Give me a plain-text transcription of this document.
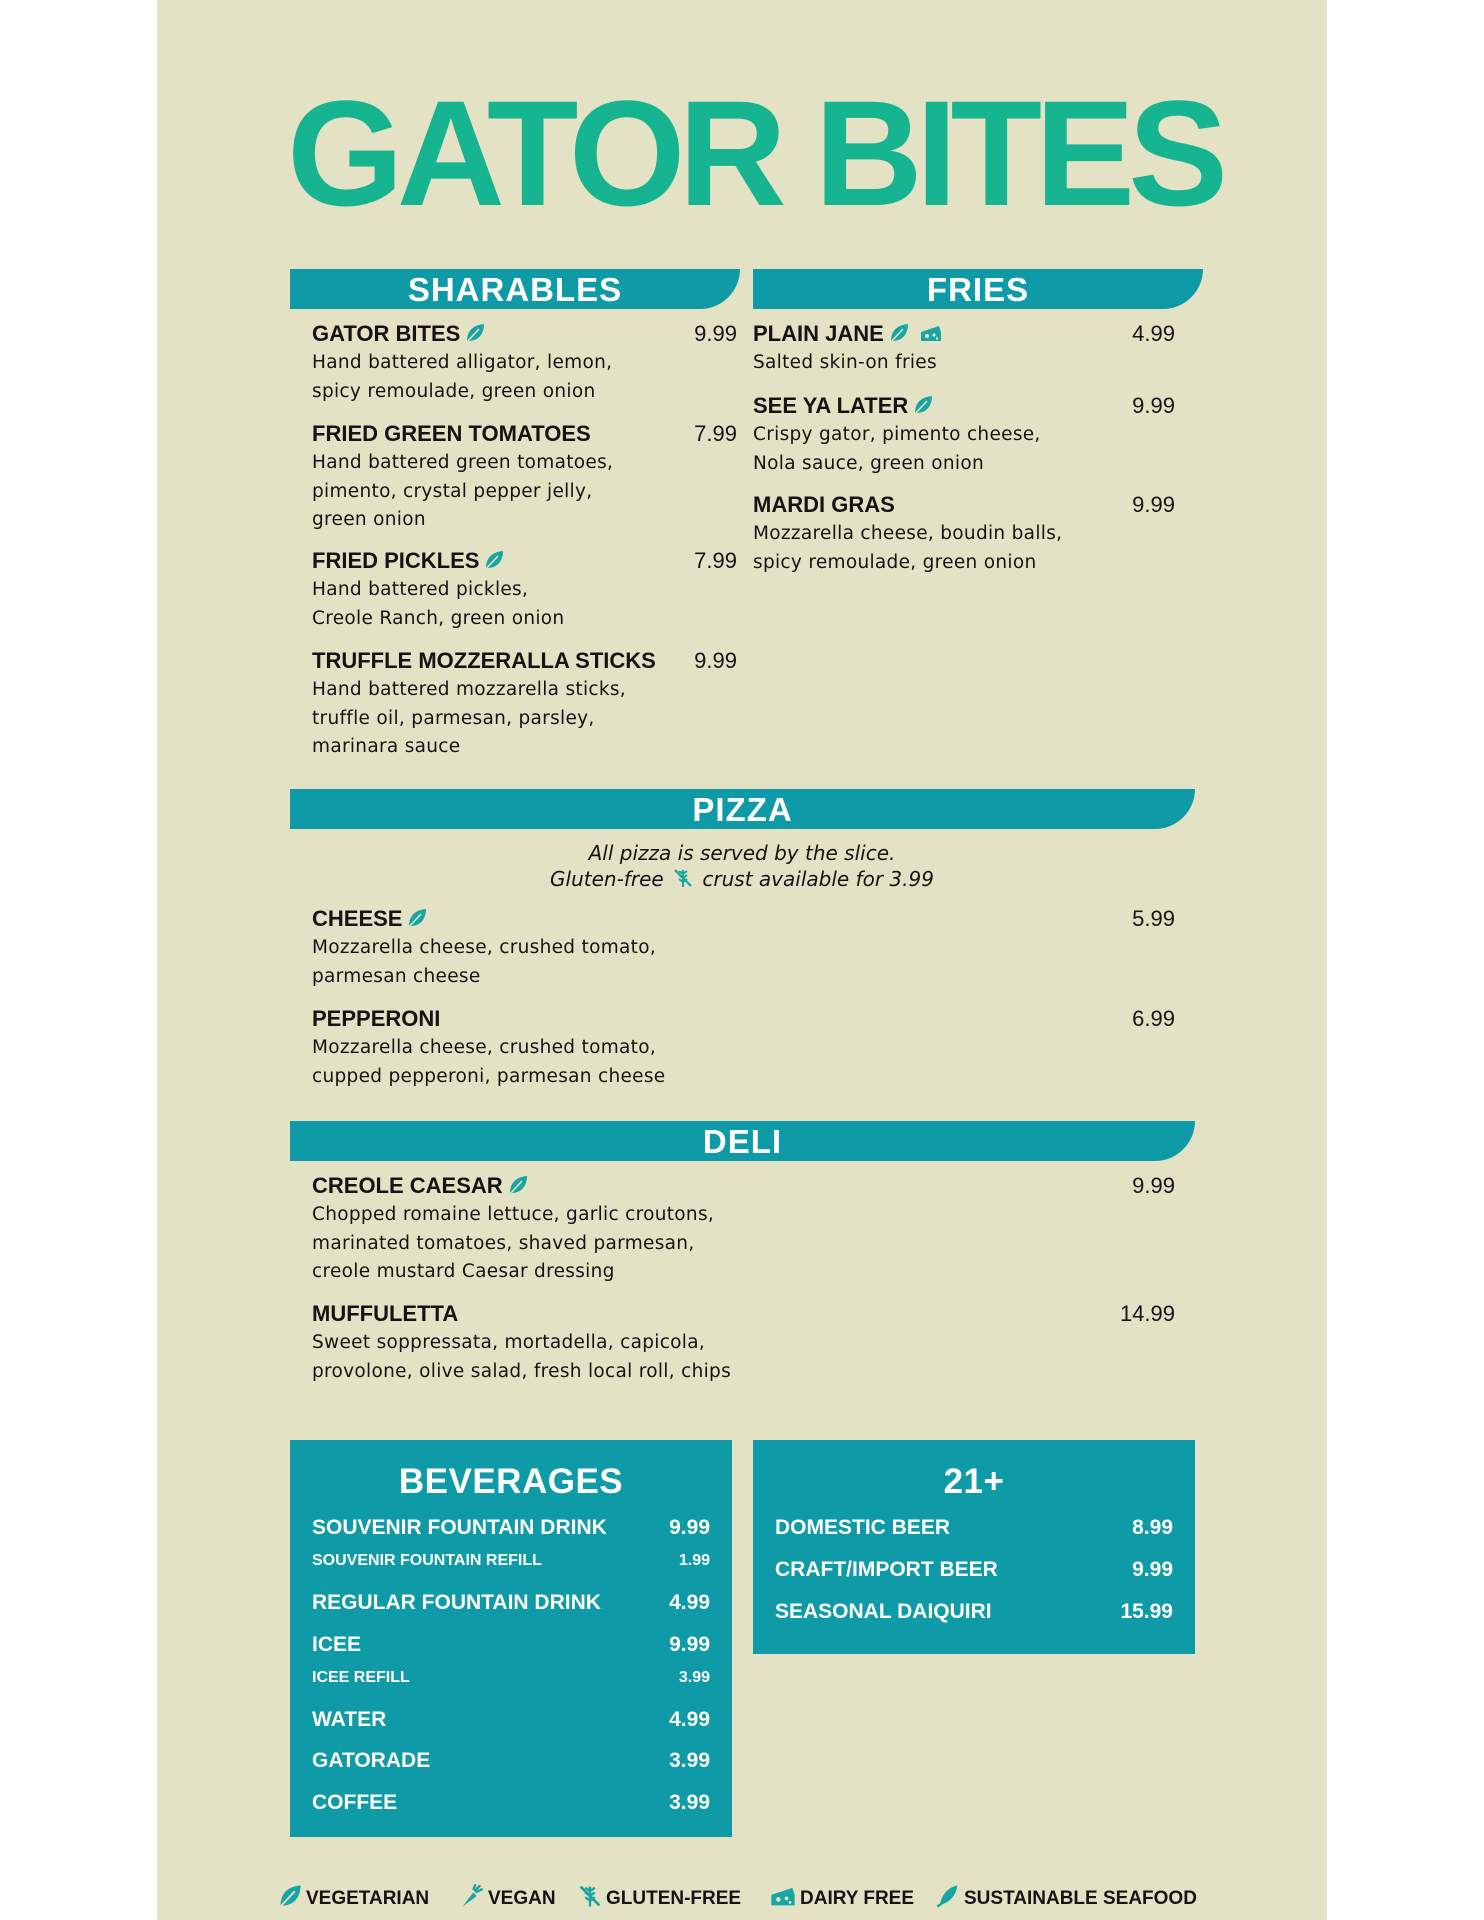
GATOR BITES
SHARABLES
GATOR BITES	9.99
Hand battered alligator, lemon,
spicy remoulade, green onion
FRIED GREEN TOMATOES	7.99
Hand battered green tomatoes,
pimento, crystal pepper jelly,
green onion
FRIED PICKLES	7.99
Hand battered pickles,
Creole Ranch, green onion
TRUFFLE MOZZERALLA STICKS	9.99
Hand battered mozzarella sticks,
truffle oil, parmesan, parsley,
marinara sauce
FRIES
PLAIN JANE	4.99
Salted skin-on fries
SEE YA LATER	9.99
Crispy gator, pimento cheese,
Nola sauce, green onion
MARDI GRAS	9.99
Mozzarella cheese, boudin balls,
spicy remoulade, green onion
PIZZA
All pizza is served by the slice.
Gluten-free crust available for 3.99
CHEESE	5.99
Mozzarella cheese, crushed tomato,
parmesan cheese
PEPPERONI	6.99
Mozzarella cheese, crushed tomato,
cupped pepperoni, parmesan cheese
DELI
CREOLE CAESAR	9.99
Chopped romaine lettuce, garlic croutons,
marinated tomatoes, shaved parmesan,
creole mustard Caesar dressing
MUFFULETTA	14.99
Sweet soppressata, mortadella, capicola,
provolone, olive salad, fresh local roll, chips
BEVERAGES
SOUVENIR FOUNTAIN DRINK	9.99
SOUVENIR FOUNTAIN REFILL	1.99
REGULAR FOUNTAIN DRINK	4.99
ICEE	9.99
ICEE REFILL	3.99
WATER	4.99
GATORADE	3.99
COFFEE	3.99
21+
DOMESTIC BEER	8.99
CRAFT/IMPORT BEER	9.99
SEASONAL DAIQUIRI	15.99
VEGETARIAN	VEGAN	GLUTEN-FREE	DAIRY FREE	SUSTAINABLE SEAFOOD
